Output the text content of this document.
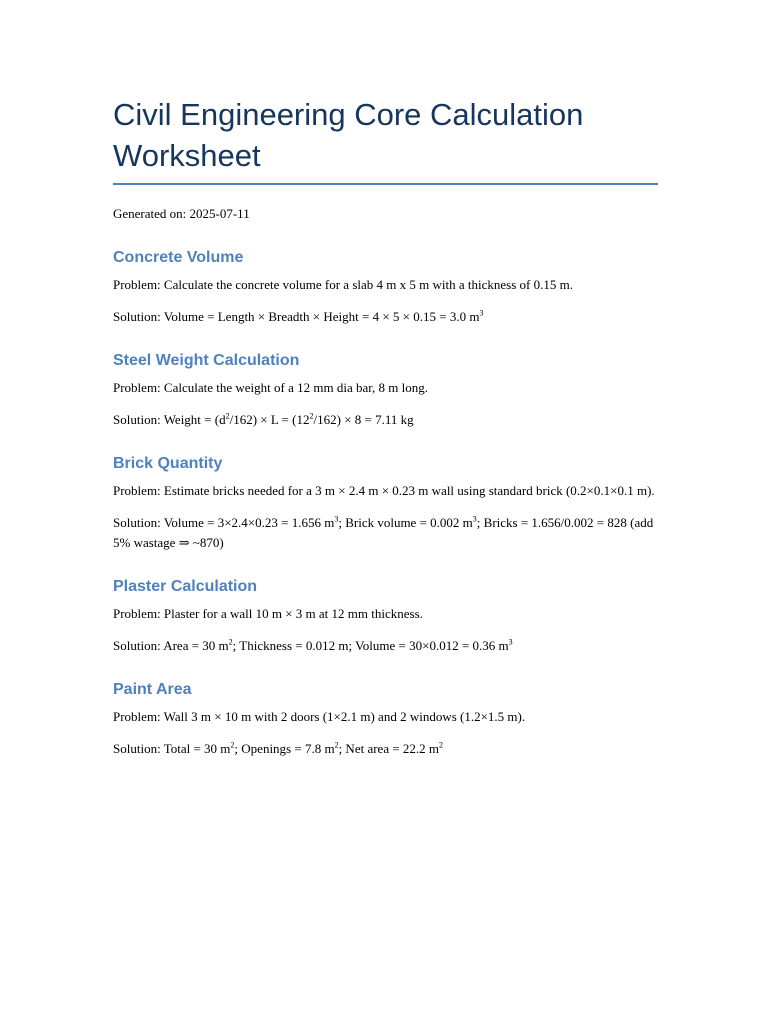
Civil Engineering Core Calculation Worksheet
Generated on: 2025-07-11
Concrete Volume

Problem: Calculate the concrete volume for a slab 4 m x 5 m with a thickness of 0.15 m.

Solution: Volume = Length × Breadth × Height = 4 × 5 × 0.15 = 3.0 $m^3$

Steel Weight Calculation

Problem: Calculate the weight of a 12 mm dia bar, 8 m long.

Solution: Weight = $(d^2/162) \times L = (12^2/162) \times 8 = 7.11$ kg

Brick Quantity

Problem: Estimate bricks needed for a 3 m × 2.4 m × 0.23 m wall using standard brick (0.2×0.1×0.1 m).

Solution: Volume = 3×2.4×0.23 = 1.656 $m^3$; Brick volume = 0.002 $m^3$; Bricks = 1.656/0.002 = 828 (add 5% wastage ⇒ ~870)

Plaster Calculation

Problem: Plaster for a wall 10 m × 3 m at 12 mm thickness.

Solution: Area = 30 $m^2$; Thickness = 0.012 m; Volume = 30×0.012 = 0.36 $m^3$

Paint Area

Problem: Wall 3 m × 10 m with 2 doors (1×2.1 m) and 2 windows (1.2×1.5 m).

Solution: Total = 30 $m^2$; Openings = 7.8 $m^2$; Net area = 22.2 $m^2$
